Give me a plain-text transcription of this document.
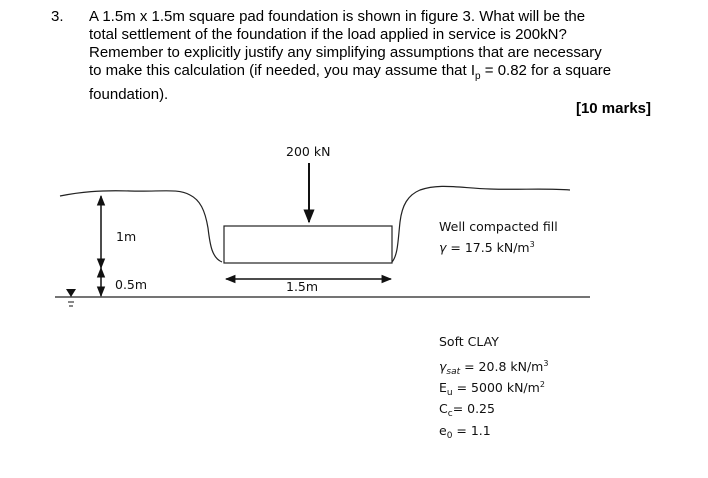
3. A 1.5m x 1.5m square pad foundation is shown in figure 3. What will be the
total settlement of the foundation if the load applied in service is 200kN?
Remember to explicitly justify any simplifying assumptions that are necessary
to make this calculation (if needed, you may assume that $I_p = 0.82$ for a square
foundation).
[10 marks]
200 kN
1m
0.5m	1.5m
Well compacted fill
γ = 17.5 $kN/m^3$
Soft CLAY
$\gamma_{sat} = 20.8$ $kN/m^3$
$E_u = 5000$ $kN/m^2$
$C_c= 0.25$
$e_0 = 1.1$
